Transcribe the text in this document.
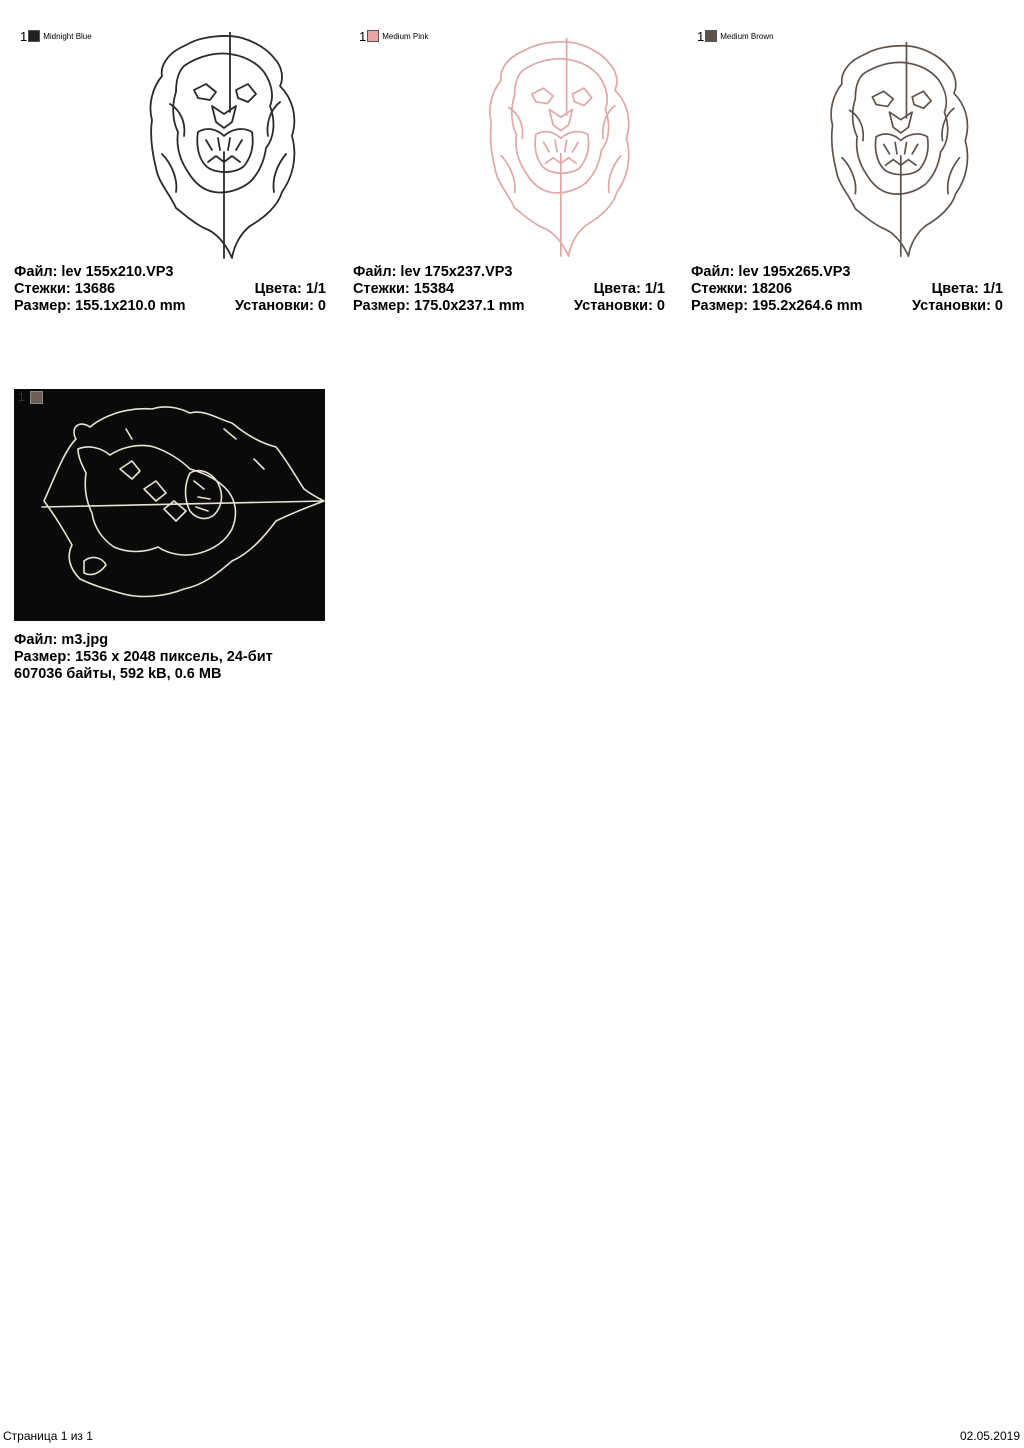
1 Midnight Blue
Файл: lev 155x210.VP3
Стежки: 13686	Цвета: 1/1
Размер: 155.1x210.0 mm	Установки: 0
1 Medium Pink
Файл: lev 175x237.VP3
Стежки: 15384	Цвета: 1/1
Размер: 175.0x237.1 mm	Установки: 0
1 Medium Brown
Файл: lev 195x265.VP3
Стежки: 18206	Цвета: 1/1
Размер: 195.2x264.6 mm	Установки: 0
1
Файл: m3.jpg
Размер: 1536 x 2048 пиксель, 24-бит
607036 байты, 592 kB, 0.6 MB
Страница 1 из 1	02.05.2019
